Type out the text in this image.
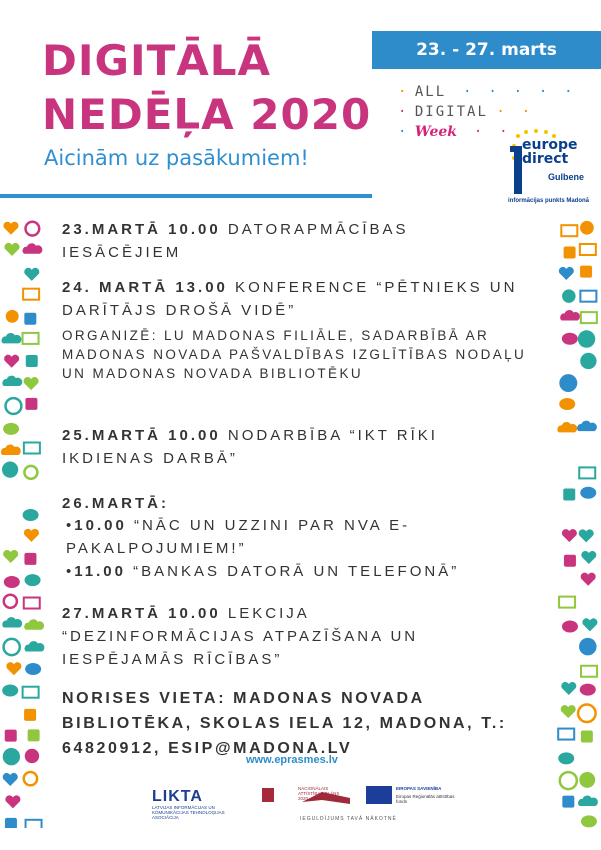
DIGITĀLĀ
NEDĒĻA 2020
Aicinām uz pasākumiem!
23. - 27. marts
· ALL  ·  ·  ·  ·  ·
· DIGITAL ·  ·
· Week  ·  ·
europe
direct
Gulbene
informācijas punkts Madonā
23.MARTĀ 10.00 DATORAPMĀCĪBAS IESĀCĒJIEM
24. MARTĀ 13.00 KONFERENCE “PĒTNIEKS UN DARĪTĀJS DROŠĀ VIDĒ”
ORGANIZĒ: LU MADONAS FILIĀLE, SADARBĪBĀ AR MADONAS NOVADA PAŠVALDĪBAS IZGLĪTĪBAS NODAĻU UN MADONAS NOVADA BIBLIOTĒKU
25.MARTĀ 10.00 NODARBĪBA “IKT RĪKI IKDIENAS DARBĀ”
26.MARTĀ:
•10.00 “NĀC UN UZZINI PAR NVA E-PAKALPOJUMIEM!”
•11.00 “BANKAS DATORĀ UN TELEFONĀ”
27.MARTĀ 10.00 LEKCIJA “DEZINFORMĀCIJAS ATPAZĪŠANA UN IESPĒJAMĀS RĪCĪBAS”
NORISES VIETA: MADONAS NOVADA BIBLIOTĒKA, SKOLAS IELA 12, MADONA, T.: 64820912, ESIP@MADONA.LV
www.eprasmes.lv
LIKTA
LATVIJAS INFORMĀCIJAS UN KOMUNIKĀCIJAS TEHNOLOĢIJAS ASOCIĀCIJA
NACIONĀLAIS ATTĪSTĪBAS PLĀNS 2020
EIROPAS SAVIENĪBA
Eiropas Reģionālās attīstības fonds
IEGULDĪJUMS TAVĀ NĀKOTNĒ
